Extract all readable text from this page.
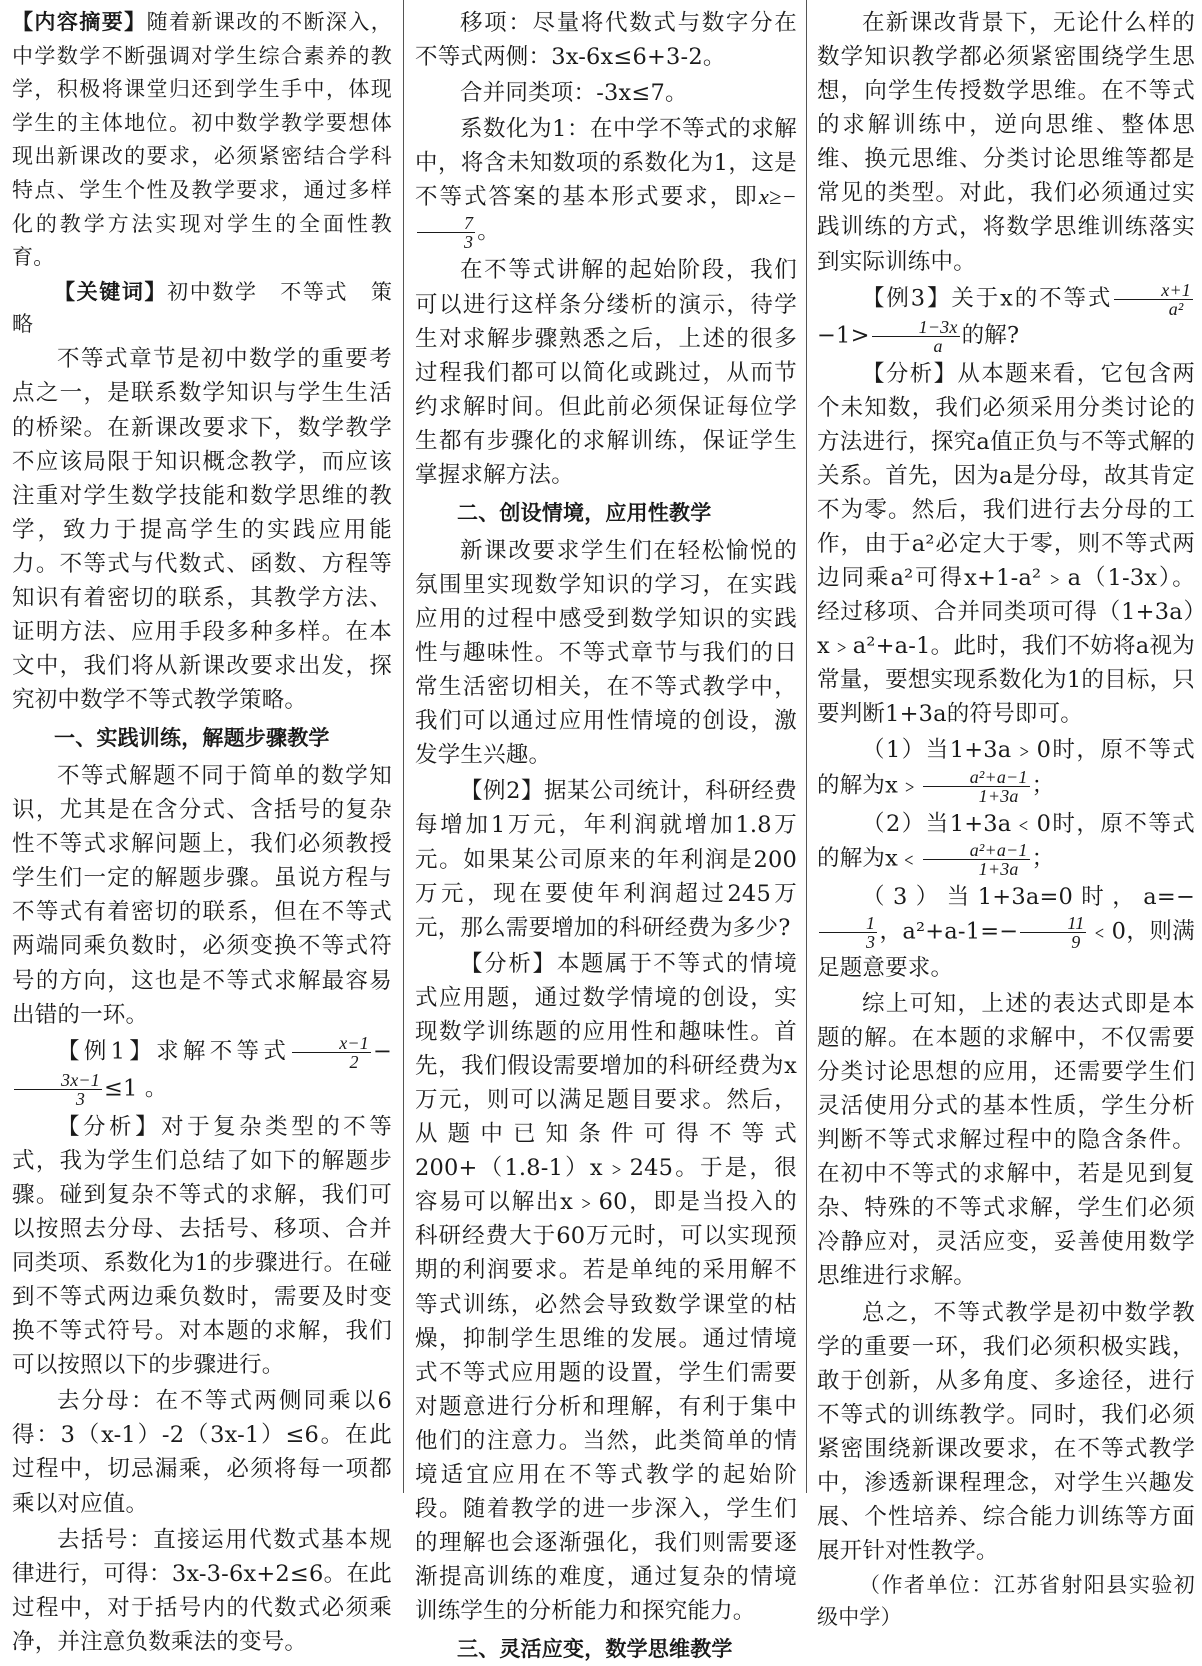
【内容摘要】随着新课改的不断深入，中学数学不断强调对学生综合素养的教学，积极将课堂归还到学生手中，体现学生的主体地位。初中数学教学要想体现出新课改的要求，必须紧密结合学科特点、学生个性及教学要求，通过多样化的教学方法实现对学生的全面性教育。

【关键词】初中数学　不等式　策略

不等式章节是初中数学的重要考点之一，是联系数学知识与学生生活的桥梁。在新课改要求下，数学教学不应该局限于知识概念教学，而应该注重对学生数学技能和数学思维的教学，致力于提高学生的实践应用能力。不等式与代数式、函数、方程等知识有着密切的联系，其教学方法、证明方法、应用手段多种多样。在本文中，我们将从新课改要求出发，探究初中数学不等式教学策略。

一、实践训练，解题步骤教学

不等式解题不同于简单的数学知识，尤其是在含分式、含括号的复杂性不等式求解问题上，我们必须教授学生们一定的解题步骤。虽说方程与不等式有着密切的联系，但在不等式两端同乘负数时，必须变换不等式符号的方向，这也是不等式求解最容易出错的一环。

【例1】求解不等式 $\frac{x-1}{2}$ −
$\frac{3x-1}{3} \le 1$ 。

【分析】对于复杂类型的不等式，我为学生们总结了如下的解题步骤。碰到复杂不等式的求解，我们可以按照去分母、去括号、移项、合并同类项、系数化为1的步骤进行。在碰到不等式两边乘负数时，需要及时变换不等式符号。对本题的求解，我们可以按照以下的步骤进行。

去分母：在不等式两侧同乘以6得：3（x-1）-2（3x-1）≤6。在此过程中，切忌漏乘，必须将每一项都乘以对应值。

去括号：直接运用代数式基本规律进行，可得：3x-3-6x+2≤6。在此过程中，对于括号内的代数式必须乘净，并注意负数乘法的变号。

移项：尽量将代数式与数字分在不等式两侧：3x-6x≤6+3-2。

合并同类项：-3x≤7。

系数化为1：在中学不等式的求解中，将含未知数项的系数化为1，这是不等式答案的基本形式要求，即x≥−
$\frac{7}{3}$ 。

在不等式讲解的起始阶段，我们可以进行这样条分缕析的演示，待学生对求解步骤熟悉之后，上述的很多过程我们都可以简化或跳过，从而节约求解时间。但此前必须保证每位学生都有步骤化的求解训练，保证学生掌握求解方法。

二、创设情境，应用性教学

新课改要求学生们在轻松愉悦的氛围里实现数学知识的学习，在实践应用的过程中感受到数学知识的实践性与趣味性。不等式章节与我们的日常生活密切相关，在不等式教学中，我们可以通过应用性情境的创设，激发学生兴趣。

【例2】据某公司统计，科研经费每增加1万元，年利润就增加1.8万元。如果某公司原来的年利润是200万元，现在要使年利润超过245万元，那么需要增加的科研经费为多少?

【分析】本题属于不等式的情境式应用题，通过数学情境的创设，实现数学训练题的应用性和趣味性。首先，我们假设需要增加的科研经费为x万元，则可以满足题目要求。然后，从题中已知条件可得不等式200+（1.8-1）x﹥245。于是，很容易可以解出x﹥60，即是当投入的科研经费大于60万元时，可以实现预期的利润要求。若是单纯的采用解不等式训练，必然会导致数学课堂的枯燥，抑制学生思维的发展。通过情境式不等式应用题的设置，学生们需要对题意进行分析和理解，有利于集中他们的注意力。当然，此类简单的情境适宜应用在不等式教学的起始阶段。随着教学的进一步深入，学生们的理解也会逐渐强化，我们则需要逐渐提高训练的难度，通过复杂的情境训练学生的分析能力和探究能力。

三、灵活应变，数学思维教学

在新课改背景下，无论什么样的数学知识教学都必须紧密围绕学生思想，向学生传授数学思维。在不等式的求解训练中，逆向思维、整体思维、换元思维、分类讨论思维等都是常见的类型。对此，我们必须通过实践训练的方式，将数学思维训练落实到实际训练中。

【例3】关于x的不等式 $\frac{x+1}{\text{a²}}$
$-1> \frac{1-3x}{a}$ 的解?

【分析】从本题来看，它包含两个未知数，我们必须采用分类讨论的方法进行，探究a值正负与不等式解的关系。首先，因为a是分母，故其肯定不为零。然后，我们进行去分母的工作，由于a²必定大于零，则不等式两边同乘a²可得x+1-a²﹥a（1-3x）。经过移项、合并同类项可得（1+3a）x﹥a²+a-1。此时，我们不妨将a视为常量，要想实现系数化为1的目标，只要判断1+3a的符号即可。

（1）当1+3a﹥0时，原不等式的解为x﹥ $\frac{\text{a²+a−1}}{1+3a}$ ；

（2）当1+3a﹤0时，原不等式的解为x﹤ $\frac{\text{a²+a−1}}{1+3a}$ ；

（3）当1+3a=0时，a=−
$\frac{1}{3}$ ，$a^2+a-1=- \frac{11}{9}$ ﹤0，则满足题意要求。

综上可知，上述的表达式即是本题的解。在本题的求解中，不仅需要分类讨论思想的应用，还需要学生们灵活使用分式的基本性质，学生分析判断不等式求解过程中的隐含条件。在初中不等式的求解中，若是见到复杂、特殊的不等式求解，学生们必须冷静应对，灵活应变，妥善使用数学思维进行求解。

总之，不等式教学是初中数学教学的重要一环，我们必须积极实践，敢于创新，从多角度、多途径，进行不等式的训练教学。同时，我们必须紧密围绕新课改要求，在不等式教学中，渗透新课程理念，对学生兴趣发展、个性培养、综合能力训练等方面展开针对性教学。

（作者单位：江苏省射阳县实验初级中学）
